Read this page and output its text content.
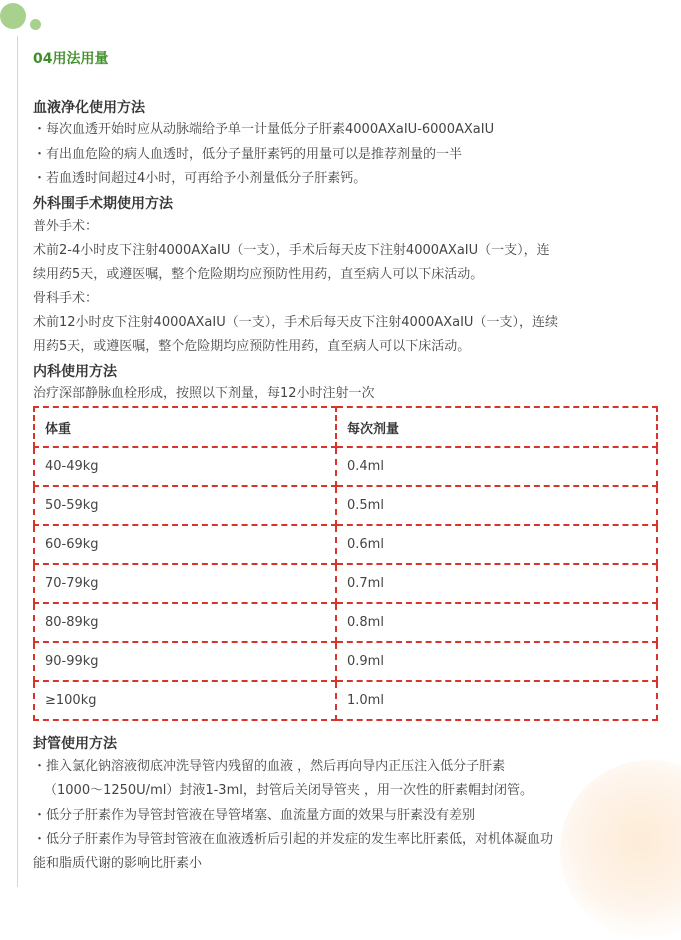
04用法用量
血液净化使用方法
・每次血透开始时应从动脉端给予单一计量低分子肝素4000AXaIU-6000AXaIU
・有出血危险的病人血透时，低分子量肝素钙的用量可以是推荐剂量的一半
・若血透时间超过4小时，可再给予小剂量低分子肝素钙。
外科围手术期使用方法
普外手术：
术前2-4小时皮下注射4000AXaIU（一支），手术后每天皮下注射4000AXaIU（一支），连
续用药5天，或遵医嘱，整个危险期均应预防性用药，直至病人可以下床活动。
骨科手术：
术前12小时皮下注射4000AXaIU（一支），手术后每天皮下注射4000AXaIU（一支），连续
用药5天，或遵医嘱，整个危险期均应预防性用药，直至病人可以下床活动。
内科使用方法
治疗深部静脉血栓形成，按照以下剂量，每12小时注射一次
体重	每次剂量
40-49kg	0.4ml
50-59kg	0.5ml
60-69kg	0.6ml
70-79kg	0.7ml
80-89kg	0.8ml
90-99kg	0.9ml
≥100kg	1.0ml
封管使用方法
・推入氯化钠溶液彻底冲洗导管内残留的血液 ，然后再向导内正压注入低分子肝素
（1000～1250U/ml）封液1-3ml，封管后关闭导管夹 ，用一次性的肝素帽封闭管。
・低分子肝素作为导管封管液在导管堵塞、血流量方面的效果与肝素没有差别
・低分子肝素作为导管封管液在血液透析后引起的并发症的发生率比肝素低，对机体凝血功
能和脂质代谢的影响比肝素小
